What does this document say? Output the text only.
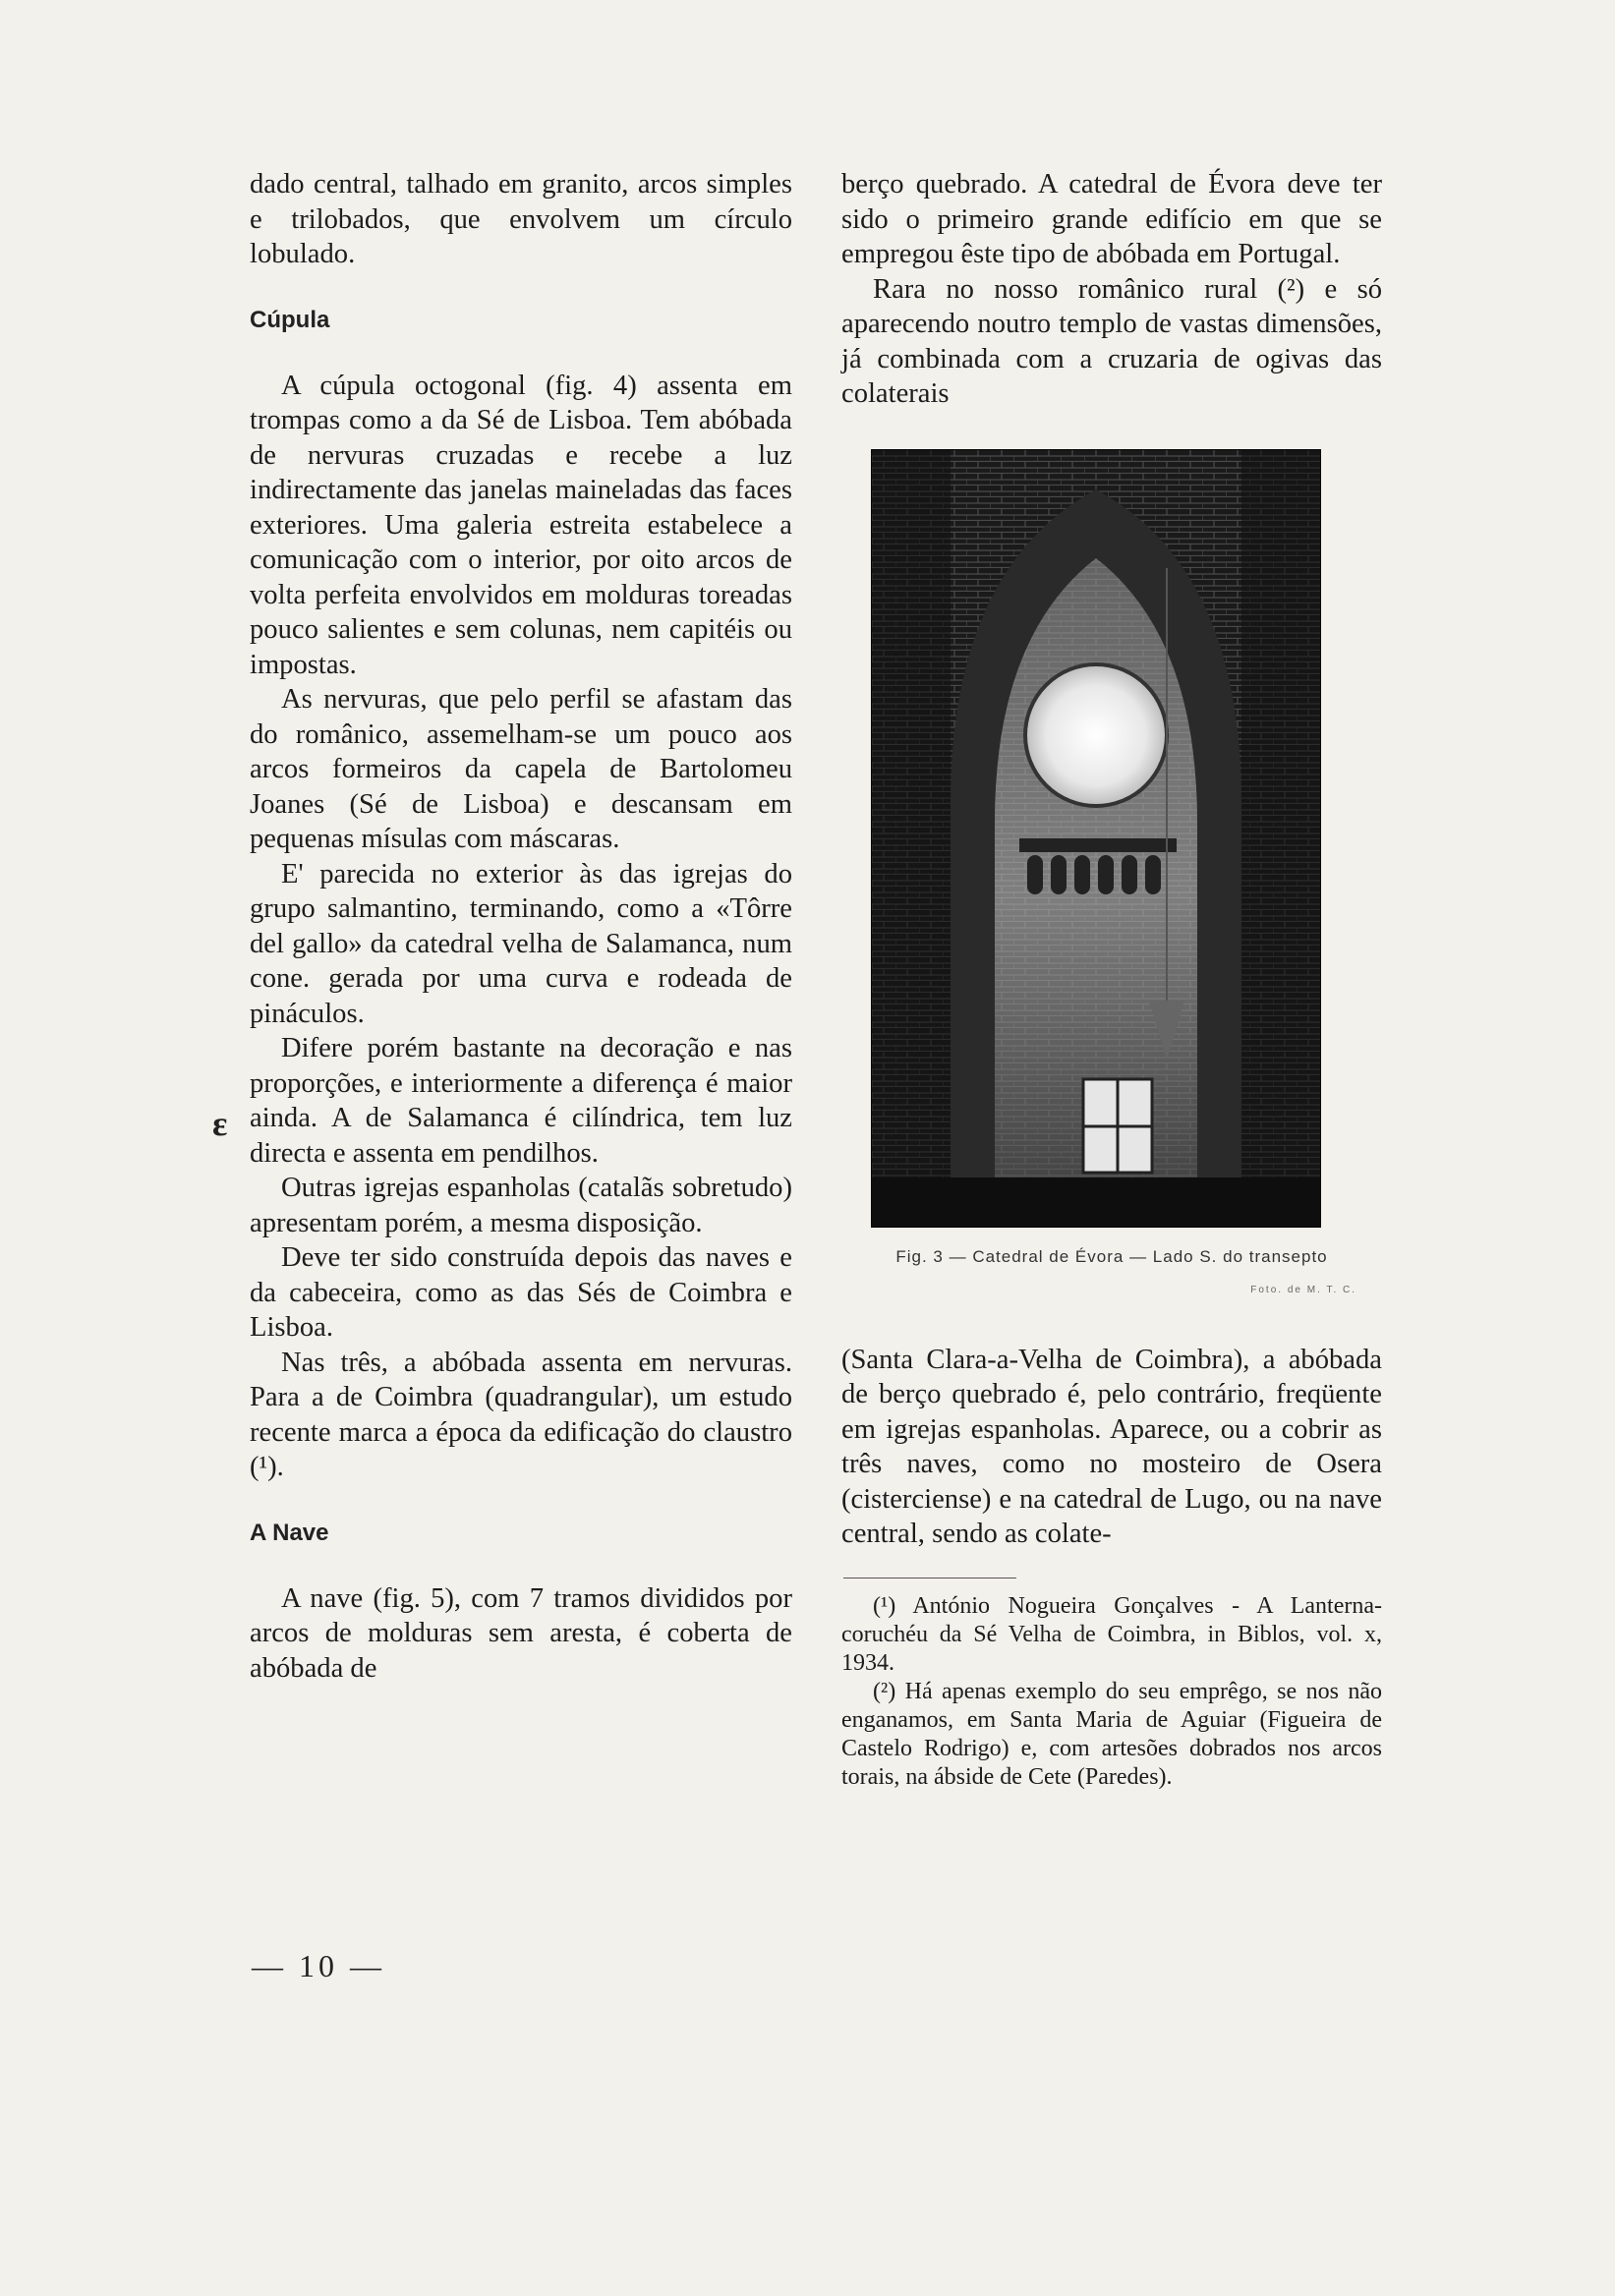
dado central, talhado em granito, arcos simples e trilobados, que envolvem um círculo lobulado.

Cúpula

A cúpula octogonal (fig. 4) assenta em trompas como a da Sé de Lisboa. Tem abóbada de nervuras cruzadas e recebe a luz indirectamente das janelas maineladas das faces exteriores. Uma galeria estreita estabelece a comunicação com o interior, por oito arcos de volta perfeita envolvidos em molduras toreadas pouco salientes e sem colunas, nem capitéis ou impostas.

As nervuras, que pelo perfil se afastam das do românico, assemelham-se um pouco aos arcos formeiros da capela de Bartolomeu Joanes (Sé de Lisboa) e descansam em pequenas mísulas com máscaras.

E' parecida no exterior às das igrejas do grupo salmantino, terminando, como a «Tôrre del gallo» da catedral velha de Salamanca, num cone. gerada por uma curva e rodeada de pináculos.

Difere porém bastante na decoração e nas proporções, e interiormente a diferença é maior ainda. A de Salamanca é cilíndrica, tem luz directa e assenta em pendilhos.

Outras igrejas espanholas (catalãs sobretudo) apresentam porém, a mesma disposição.

Deve ter sido construída depois das naves e da cabeceira, como as das Sés de Coimbra e Lisboa.

Nas três, a abóbada assenta em nervuras. Para a de Coimbra (quadrangular), um estudo recente marca a época da edificação do claustro (¹).

A Nave

A nave (fig. 5), com 7 tramos divididos por arcos de molduras sem aresta, é coberta de abóbada de

ε

berço quebrado. A catedral de Évora deve ter sido o primeiro grande edifício em que se empregou êste tipo de abóbada em Portugal.

Rara no nosso românico rural (²) e só aparecendo noutro templo de vastas dimensões, já combinada com a cruzaria de ogivas das colaterais

Fig. 3 — Catedral de Évora — Lado S. do transepto
Foto. de M. T. C.

(Santa Clara-a-Velha de Coimbra), a abóbada de berço quebrado é, pelo contrário, freqüente em igrejas espanholas. Aparece, ou a cobrir as três naves, como no mosteiro de Osera (cisterciense) e na catedral de Lugo, ou na nave central, sendo as colate-

(¹) António Nogueira Gonçalves - A Lanterna-coruchéu da Sé Velha de Coimbra, in Biblos, vol. x, 1934.

(²) Há apenas exemplo do seu emprêgo, se nos não enganamos, em Santa Maria de Aguiar (Figueira de Castelo Rodrigo) e, com artesões dobrados nos arcos torais, na ábside de Cete (Paredes).

— 10 —
